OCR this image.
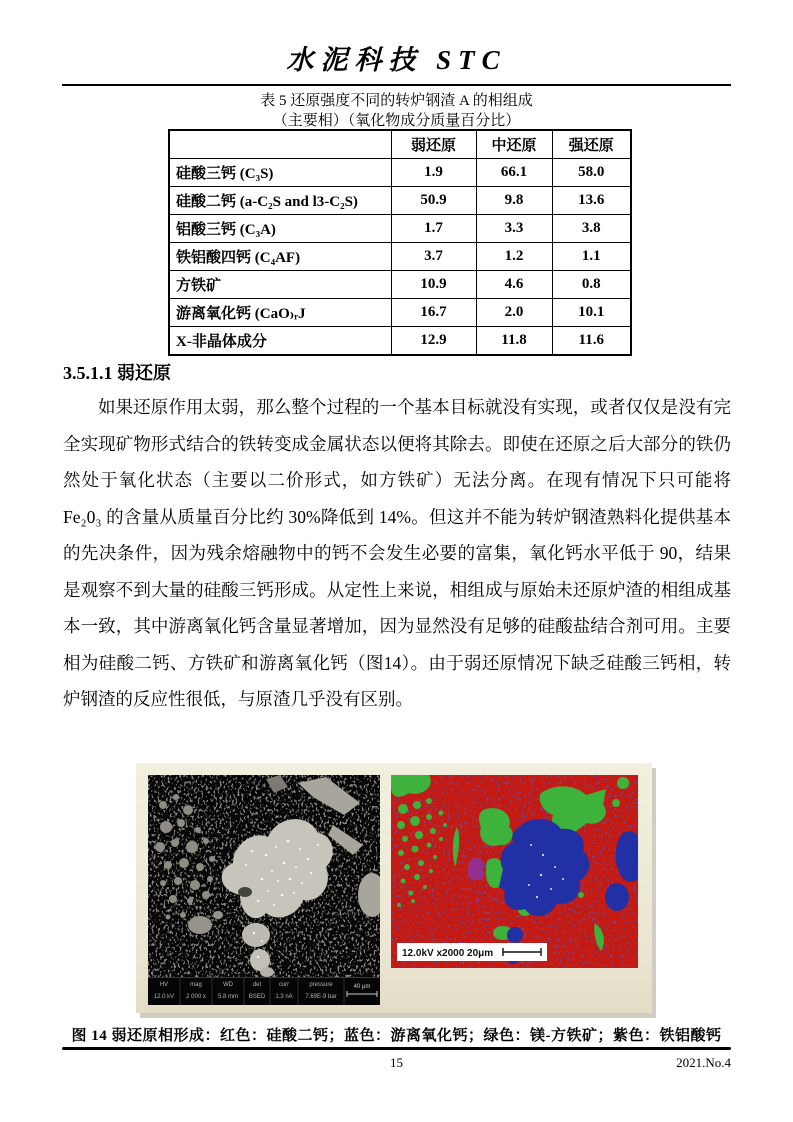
水泥科技 STC
表 5 还原强度不同的转炉钢渣 A 的相组成
（主要相）（氧化物成分质量百分比）
	弱还原	中还原	强还原
硅酸三钙 (C₃S)	1.9	66.1	58.0
硅酸二钙 (a-C₂S and l3-C₂S)	50.9	9.8	13.6
铝酸三钙 (C₃A)	1.7	3.3	3.8
铁铝酸四钙 (C₄AF)	3.7	1.2	1.1
方铁矿	10.9	4.6	0.8
游离氧化钙 (CaO₎ᵣJ	16.7	2.0	10.1
X-非晶体成分	12.9	11.8	11.6
3.5.1.1 弱还原
如果还原作用太弱，那么整个过程的一个基本目标就没有实现，或者仅仅是没有完全实现矿物形式结合的铁转变成金属状态以便将其除去。即使在还原之后大部分的铁仍然处于氧化状态（主要以二价形式，如方铁矿）无法分离。在现有情况下只可能将 Fe₂0₃ 的含量从质量百分比约 30%降低到 14%。但这并不能为转炉钢渣熟料化提供基本的先决条件，因为残余熔融物中的钙不会发生必要的富集，氧化钙水平低于 90，结果是观察不到大量的硅酸三钙形成。从定性上来说，相组成与原始未还原炉渣的相组成基本一致，其中游离氧化钙含量显著增加，因为显然没有足够的硅酸盐结合剂可用。主要相为硅酸二钙、方铁矿和游离氧化钙（图14）。由于弱还原情况下缺乏硅酸三钙相，转炉钢渣的反应性很低，与原渣几乎没有区别。
HV	mag	WD	det	curr	pressure
12.0 kV 2 000 x 5.8 mm BSED 1.3 nA 7.69E-9 bar
40 μm
12.0kV x2000 20μm
图 14 弱还原相形成：红色：硅酸二钙；蓝色：游离氧化钙；绿色：镁-方铁矿；紫色：铁铝酸钙
15	2021.No.4
